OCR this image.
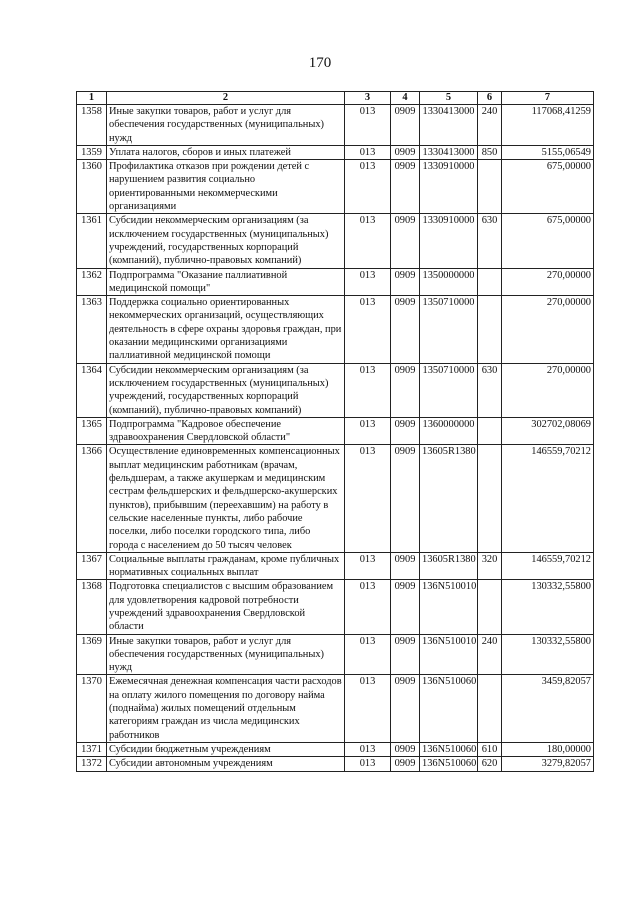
170
1	2	3	4	5	6	7
1358	Иные закупки товаров, работ и услуг для обеспечения государственных (муниципальных) нужд	013	0909	1330413000	240	117068,41259
1359	Уплата налогов, сборов и иных платежей	013	0909	1330413000	850	5155,06549
1360	Профилактика отказов при рождении детей с нарушением развития социально ориентированными некоммерческими организациями	013	0909	1330910000		675,00000
1361	Субсидии некоммерческим организациям (за исключением государственных (муниципальных) учреждений, государственных корпораций (компаний), публично-правовых компаний)	013	0909	1330910000	630	675,00000
1362	Подпрограмма "Оказание паллиативной медицинской помощи"	013	0909	1350000000		270,00000
1363	Поддержка социально ориентированных некоммерческих организаций, осуществляющих деятельность в сфере охраны здоровья граждан, при оказании медицинскими организациями паллиативной медицинской помощи	013	0909	1350710000		270,00000
1364	Субсидии некоммерческим организациям (за исключением государственных (муниципальных) учреждений, государственных корпораций (компаний), публично-правовых компаний)	013	0909	1350710000	630	270,00000
1365	Подпрограмма "Кадровое обеспечение здравоохранения Свердловской области"	013	0909	1360000000		302702,08069
1366	Осуществление единовременных компенсационных выплат медицинским работникам (врачам, фельдшерам, а также акушеркам и медицинским сестрам фельдшерских и фельдшерско-акушерских пунктов), прибывшим (переехавшим) на работу в сельские населенные пункты, либо рабочие поселки, либо поселки городского типа, либо города с населением до 50 тысяч человек	013	0909	13605R1380		146559,70212
1367	Социальные выплаты гражданам, кроме публичных нормативных социальных выплат	013	0909	13605R1380	320	146559,70212
1368	Подготовка специалистов с высшим образованием для удовлетворения кадровой потребности учреждений здравоохранения Свердловской области	013	0909	136N510010		130332,55800
1369	Иные закупки товаров, работ и услуг для обеспечения государственных (муниципальных) нужд	013	0909	136N510010	240	130332,55800
1370	Ежемесячная денежная компенсация части расходов на оплату жилого помещения по договору найма (поднайма) жилых помещений отдельным категориям граждан из числа медицинских работников	013	0909	136N510060		3459,82057
1371	Субсидии бюджетным учреждениям	013	0909	136N510060	610	180,00000
1372	Субсидии автономным учреждениям	013	0909	136N510060	620	3279,82057
